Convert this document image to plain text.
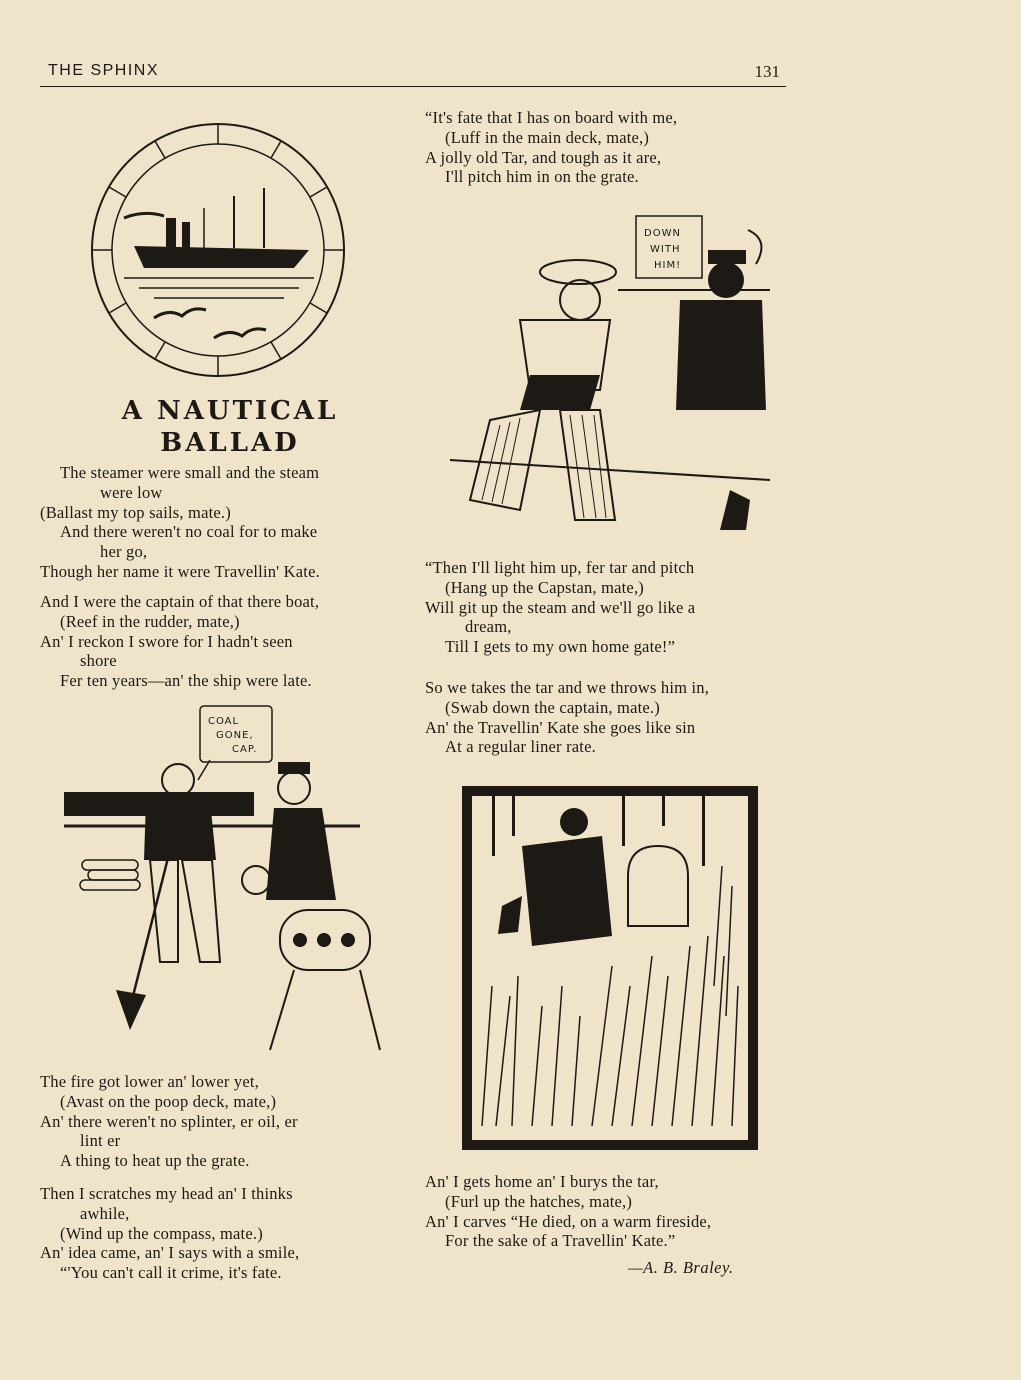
THE SPHINX	131
A NAUTICAL
BALLAD
The steamer were small and the steam
were low
(Ballast my top sails, mate.)
And there weren't no coal for to make
her go,
Though her name it were Travellin' Kate.
And I were the captain of that there boat,
(Reef in the rudder, mate,)
An' I reckon I swore for I hadn't seen
shore
Fer ten years—an' the ship were late.
COAL
GONE,
CAP.
The fire got lower an' lower yet,
(Avast on the poop deck, mate,)
An' there weren't no splinter, er oil, er
lint er
A thing to heat up the grate.
Then I scratches my head an' I thinks
awhile,
(Wind up the compass, mate.)
An' idea came, an' I says with a smile,
“'You can't call it crime, it's fate.
“It's fate that I has on board with me,
(Luff in the main deck, mate,)
A jolly old Tar, and tough as it are,
I'll pitch him in on the grate.
DOWN
WITH
HIM!
“Then I'll light him up, fer tar and pitch
(Hang up the Capstan, mate,)
Will git up the steam and we'll go like a
dream,
Till I gets to my own home gate!”
So we takes the tar and we throws him in,
(Swab down the captain, mate.)
An' the Travellin' Kate she goes like sin
At a regular liner rate.
An' I gets home an' I burys the tar,
(Furl up the hatches, mate,)
An' I carves “He died, on a warm fireside,
For the sake of a Travellin' Kate.”
—A. B. Braley.
